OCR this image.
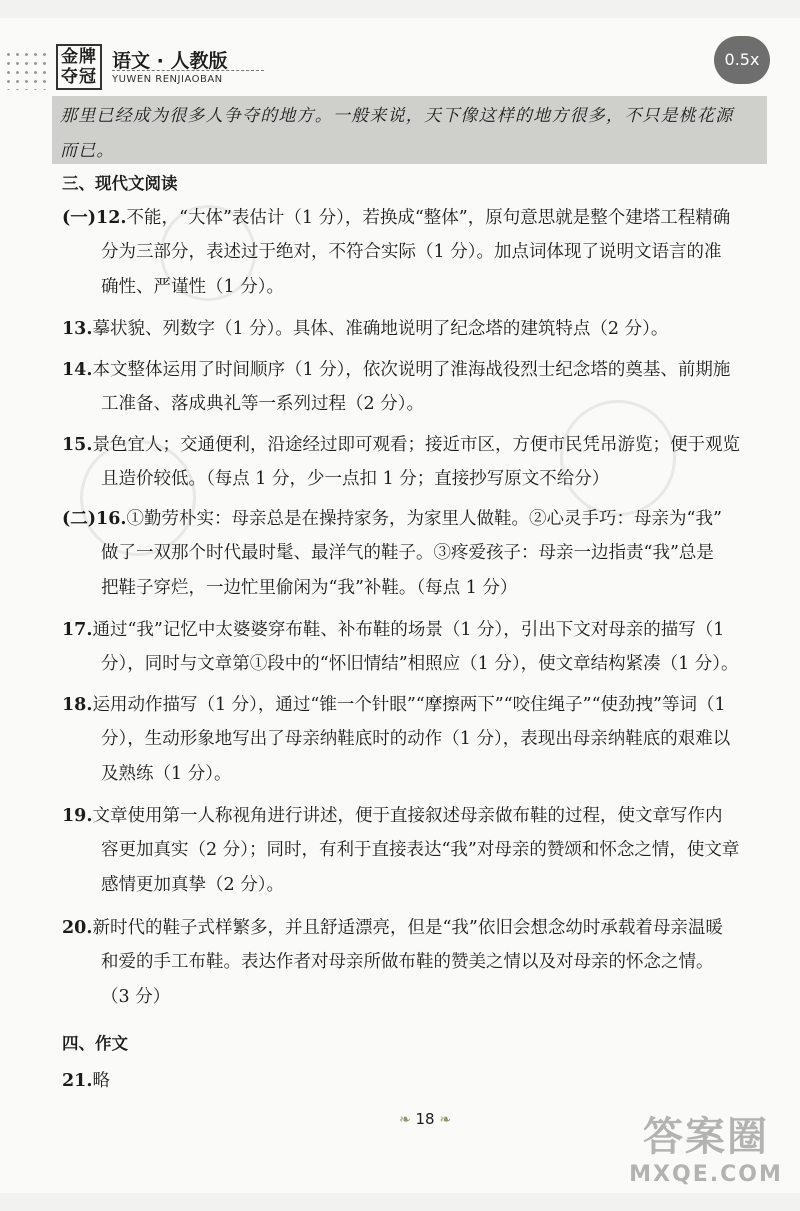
金牌
夺冠
语文 · 人教版
YUWEN RENJIAOBAN
0.5x
那里已经成为很多人争夺的地方。一般来说，天下像这样的地方很多，不只是桃花源
而已。
三、现代文阅读
(一)12.不能，“大体”表估计（1 分），若换成“整体”，原句意思就是整个建塔工程精确
分为三部分，表述过于绝对，不符合实际（1 分）。加点词体现了说明文语言的准
确性、严谨性（1 分）。
13.摹状貌、列数字（1 分）。具体、准确地说明了纪念塔的建筑特点（2 分）。
14.本文整体运用了时间顺序（1 分），依次说明了淮海战役烈士纪念塔的奠基、前期施
工准备、落成典礼等一系列过程（2 分）。
15.景色宜人；交通便利，沿途经过即可观看；接近市区，方便市民凭吊游览；便于观览
且造价较低。（每点 1 分，少一点扣 1 分；直接抄写原文不给分）
(二)16.①勤劳朴实：母亲总是在操持家务，为家里人做鞋。②心灵手巧：母亲为“我”
做了一双那个时代最时髦、最洋气的鞋子。③疼爱孩子：母亲一边指责“我”总是
把鞋子穿烂，一边忙里偷闲为“我”补鞋。（每点 1 分）
17.通过“我”记忆中太婆婆穿布鞋、补布鞋的场景（1 分），引出下文对母亲的描写（1
分），同时与文章第①段中的“怀旧情结”相照应（1 分），使文章结构紧凑（1 分）。
18.运用动作描写（1 分），通过“锥一个针眼”“摩擦两下”“咬住绳子”“使劲拽”等词（1
分），生动形象地写出了母亲纳鞋底时的动作（1 分），表现出母亲纳鞋底的艰难以
及熟练（1 分）。
19.文章使用第一人称视角进行讲述，便于直接叙述母亲做布鞋的过程，使文章写作内
容更加真实（2 分）；同时，有利于直接表达“我”对母亲的赞颂和怀念之情，使文章
感情更加真挚（2 分）。
20.新时代的鞋子式样繁多，并且舒适漂亮，但是“我”依旧会想念幼时承载着母亲温暖
和爱的手工布鞋。表达作者对母亲所做布鞋的赞美之情以及对母亲的怀念之情。
（3 分）
四、作文
21.略
❧ 18 ❧	答案圈
MXQE.COM
